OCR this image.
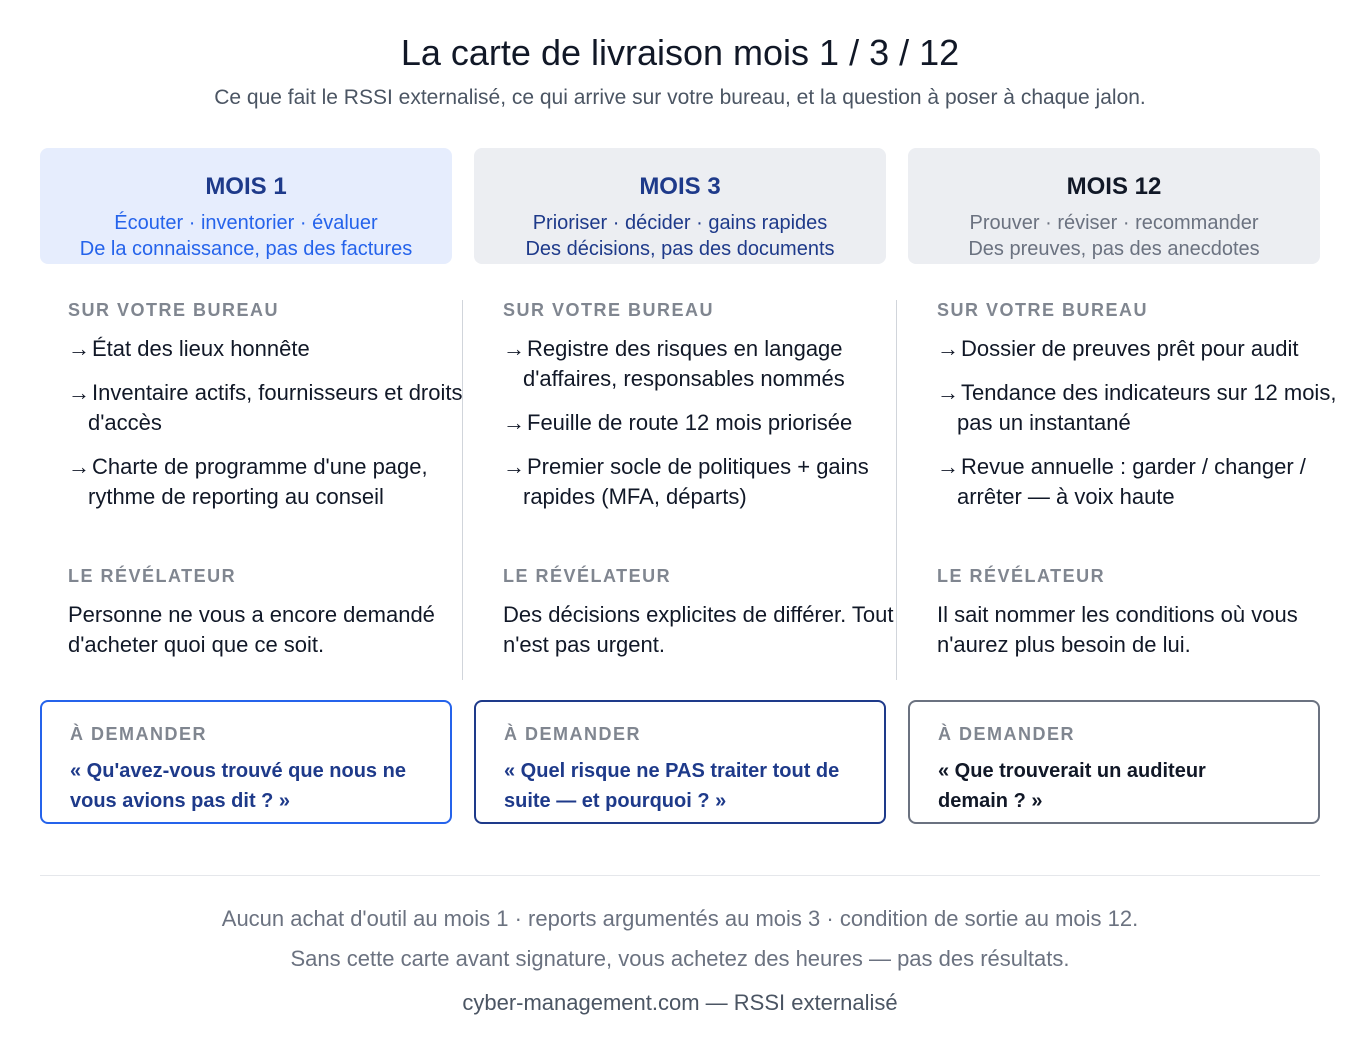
La carte de livraison mois 1 / 3 / 12

Ce que fait le RSSI externalisé, ce qui arrive sur votre bureau, et la question à poser à chaque jalon.

MOIS 1
Écouter · inventorier · évaluer
De la connaissance, pas des factures

SUR VOTRE BUREAU

→État des lieux honnête
→Inventaire actifs, fournisseurs et droits d'accès
→Charte de programme d'une page, rythme de reporting au conseil

LE RÉVÉLATEUR

Personne ne vous a encore demandé d'acheter quoi que ce soit.

À DEMANDER

« Qu'avez-vous trouvé que nous ne vous avions pas dit ? »
MOIS 3
Prioriser · décider · gains rapides
Des décisions, pas des documents

SUR VOTRE BUREAU

→Registre des risques en langage d'affaires, responsables nommés
→Feuille de route 12 mois priorisée
→Premier socle de politiques + gains rapides (MFA, départs)

LE RÉVÉLATEUR

Des décisions explicites de différer. Tout n'est pas urgent.

À DEMANDER

« Quel risque ne PAS traiter tout de suite — et pourquoi ? »
MOIS 12
Prouver · réviser · recommander
Des preuves, pas des anecdotes

SUR VOTRE BUREAU

→Dossier de preuves prêt pour audit
→Tendance des indicateurs sur 12 mois, pas un instantané
→Revue annuelle : garder / changer / arrêter — à voix haute

LE RÉVÉLATEUR

Il sait nommer les conditions où vous n'aurez plus besoin de lui.

À DEMANDER

« Que trouverait un auditeur demain ? »

Aucun achat d'outil au mois 1 · reports argumentés au mois 3 · condition de sortie au mois 12.

Sans cette carte avant signature, vous achetez des heures — pas des résultats.

cyber-management.com — RSSI externalisé
